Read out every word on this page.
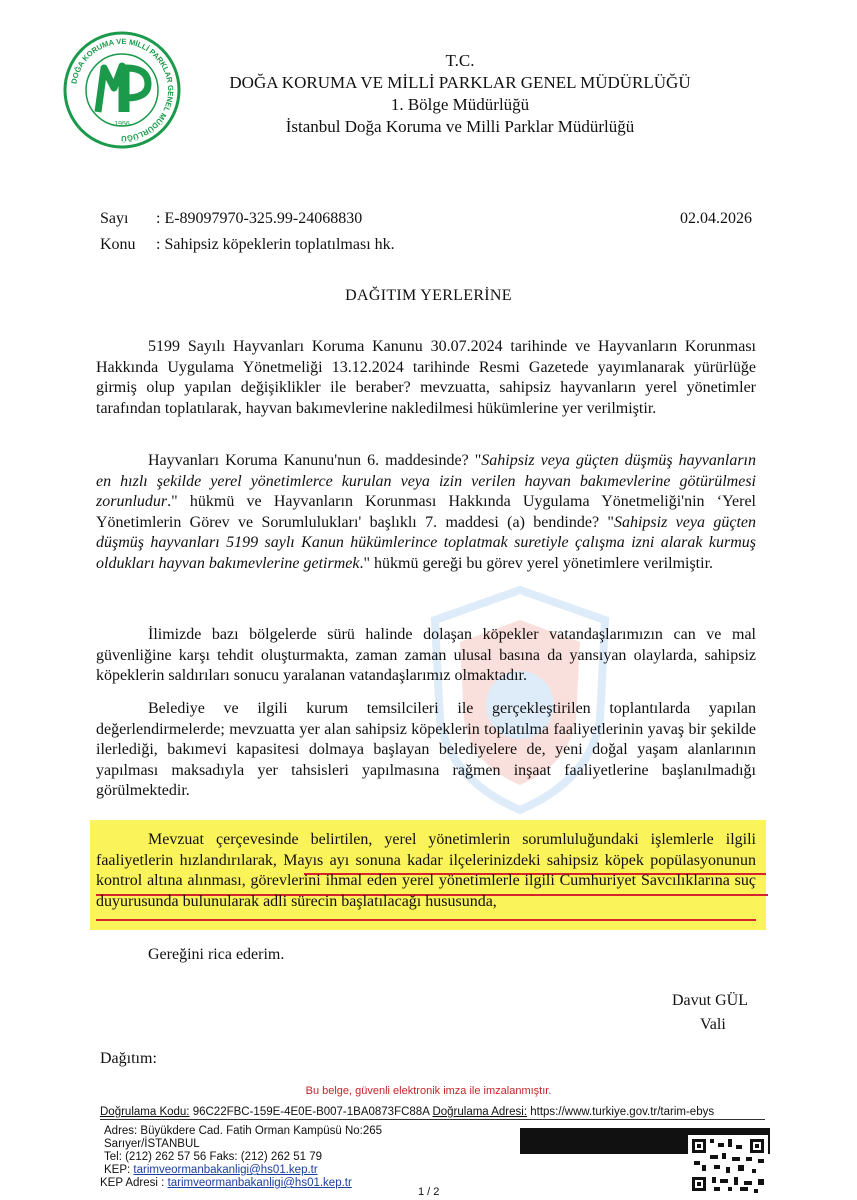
DOĞA KORUMA VE MİLLİ PARKLAR GENEL MÜDÜRLÜĞÜ
1956
T.C.
DOĞA KORUMA VE MİLLİ PARKLAR GENEL MÜDÜRLÜĞÜ
1. Bölge Müdürlüğü
İstanbul Doğa Koruma ve Milli Parklar Müdürlüğü
Sayı : E-89097970-325.99-24068830
Konu : Sahipsiz köpeklerin toplatılması hk.
02.04.2026
DAĞITIM YERLERİNE
5199 Sayılı Hayvanları Koruma Kanunu 30.07.2024 tarihinde ve Hayvanların Korunması Hakkında Uygulama Yönetmeliği 13.12.2024 tarihinde Resmi Gazetede yayımlanarak yürürlüğe girmiş olup yapılan değişiklikler ile beraber? mevzuatta, sahipsiz hayvanların yerel yönetimler tarafından toplatılarak, hayvan bakımevlerine nakledilmesi hükümlerine yer verilmiştir.
Hayvanları Koruma Kanunu'nun 6. maddesinde? "Sahipsiz veya güçten düşmüş hayvanların en hızlı şekilde yerel yönetimlerce kurulan veya izin verilen hayvan bakımevlerine götürülmesi zorunludur." hükmü ve Hayvanların Korunması Hakkında Uygulama Yönetmeliği'nin ‘Yerel Yönetimlerin Görev ve Sorumlulukları' başlıklı 7. maddesi (a) bendinde? "Sahipsiz veya güçten düşmüş hayvanları 5199 saylı Kanun hükümlerince toplatmak suretiyle çalışma izni alarak kurmuş oldukları hayvan bakımevlerine getirmek." hükmü gereği bu görev yerel yönetimlere verilmiştir.
İlimizde bazı bölgelerde sürü halinde dolaşan köpekler vatandaşlarımızın can ve mal güvenliğine karşı tehdit oluşturmakta, zaman zaman ulusal basına da yansıyan olaylarda, sahipsiz köpeklerin saldırıları sonucu yaralanan vatandaşlarımız olmaktadır.
Belediye ve ilgili kurum temsilcileri ile gerçekleştirilen toplantılarda yapılan değerlendirmelerde; mevzuatta yer alan sahipsiz köpeklerin toplatılma faaliyetlerinin yavaş bir şekilde ilerlediği, bakımevi kapasitesi dolmaya başlayan belediyelere de, yeni doğal yaşam alanlarının yapılması maksadıyla yer tahsisleri yapılmasına rağmen inşaat faaliyetlerine başlanılmadığı görülmektedir.
Mevzuat çerçevesinde belirtilen, yerel yönetimlerin sorumluluğundaki işlemlerle ilgili faaliyetlerin hızlandırılarak, Mayıs ayı sonuna kadar ilçelerinizdeki sahipsiz köpek popülasyonunun kontrol altına alınması, görevlerini ihmal eden yerel yönetimlerle ilgili Cumhuriyet Savcılıklarına suç duyurusunda bulunularak adli sürecin başlatılacağı hususunda,
Gereğini rica ederim.
Davut GÜL
Vali
Dağıtım:
Bu belge, güvenli elektronik imza ile imzalanmıştır.
Doğrulama Kodu: 96C22FBC-159E-4E0E-B007-1BA0873FC88A Doğrulama Adresi: https://www.turkiye.gov.tr/tarim-ebys
Adres: Büyükdere Cad. Fatih Orman Kampüsü No:265
Sarıyer/İSTANBUL
Tel: (212) 262 57 56 Faks: (212) 262 51 79
KEP: tarimveormanbakanligi@hs01.kep.tr
KEP Adresi : tarimveormanbakanligi@hs01.kep.tr
1 / 2
